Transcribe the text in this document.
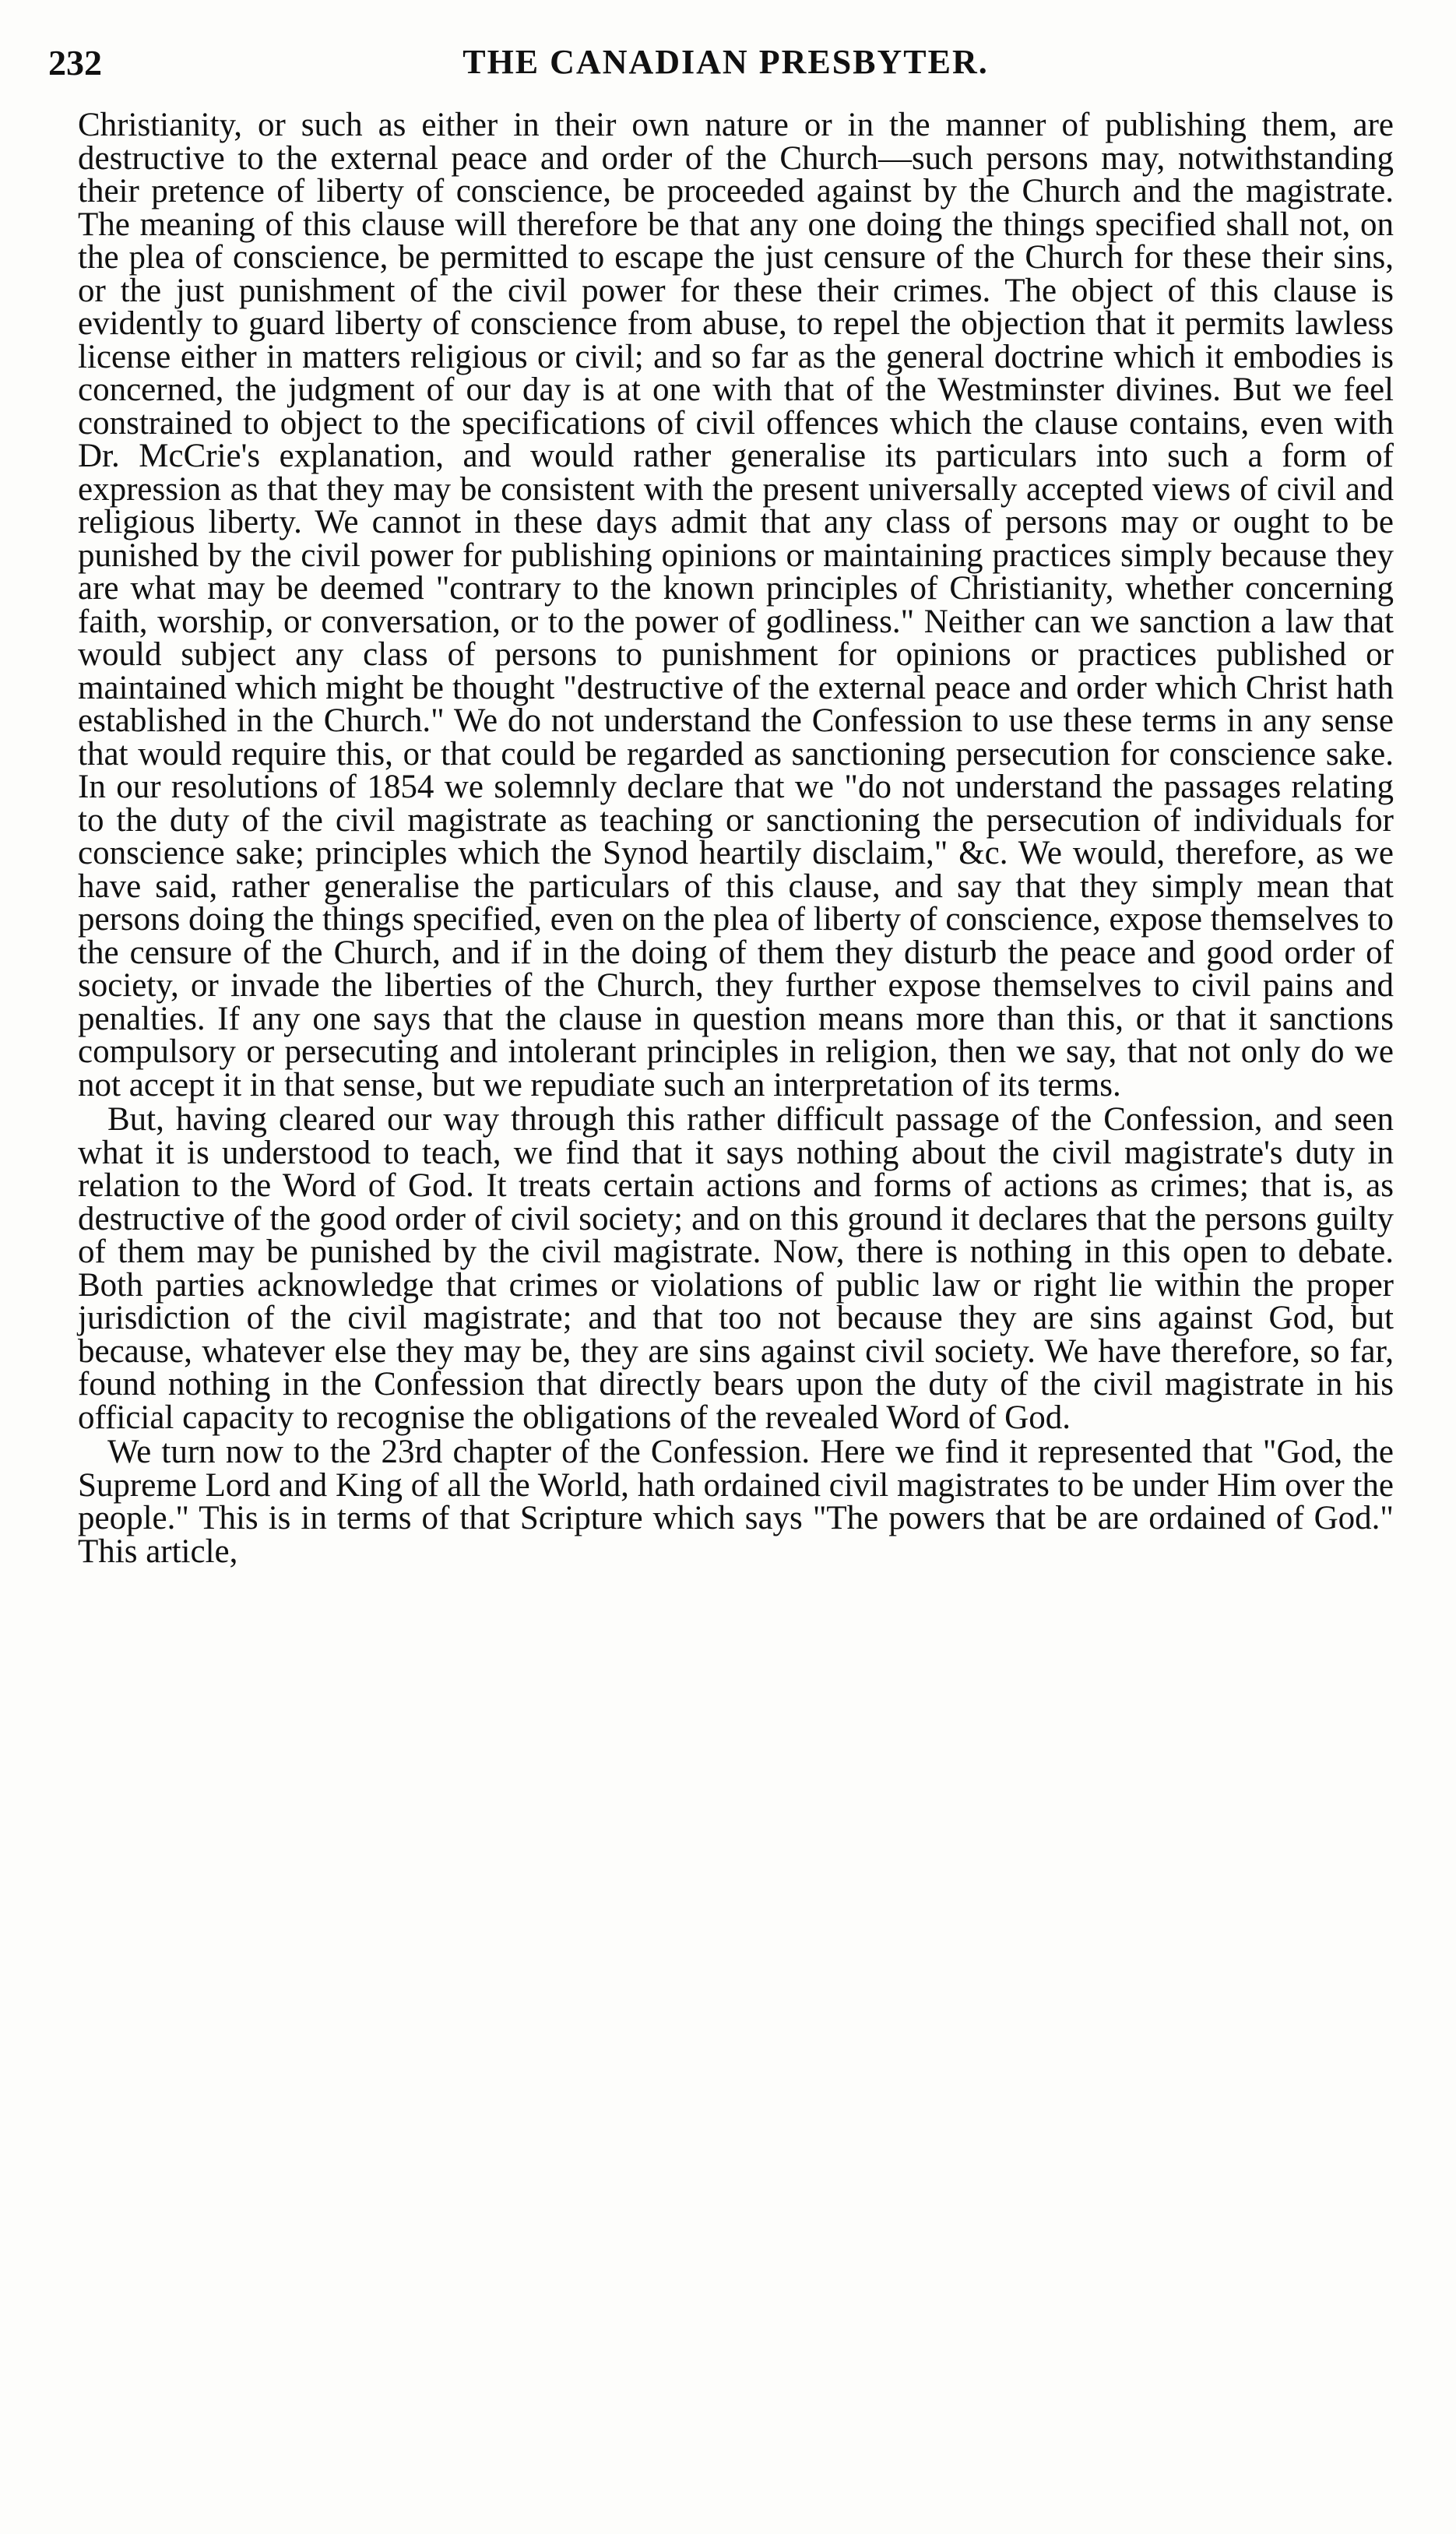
232	THE CANADIAN PRESBYTER.

Christianity, or such as either in their own nature or in the manner of publishing them, are destructive to the external peace and order of the Church—such persons may, notwithstanding their pretence of liberty of conscience, be proceeded against by the Church and the magistrate. The meaning of this clause will therefore be that any one doing the things specified shall not, on the plea of conscience, be permitted to escape the just censure of the Church for these their sins, or the just punishment of the civil power for these their crimes. The object of this clause is evidently to guard liberty of conscience from abuse, to repel the objection that it permits lawless license either in matters religious or civil; and so far as the general doctrine which it embodies is concerned, the judgment of our day is at one with that of the Westminster divines. But we feel constrained to object to the specifications of civil offences which the clause contains, even with Dr. McCrie's explanation, and would rather generalise its particulars into such a form of expression as that they may be consistent with the present universally accepted views of civil and religious liberty. We cannot in these days admit that any class of persons may or ought to be punished by the civil power for publishing opinions or maintaining practices simply because they are what may be deemed "contrary to the known principles of Christianity, whether concerning faith, worship, or conversation, or to the power of godliness." Neither can we sanction a law that would subject any class of persons to punishment for opinions or practices published or maintained which might be thought "destructive of the external peace and order which Christ hath established in the Church." We do not understand the Confession to use these terms in any sense that would require this, or that could be regarded as sanctioning persecution for conscience sake. In our resolutions of 1854 we solemnly declare that we "do not understand the passages relating to the duty of the civil magistrate as teaching or sanctioning the persecution of individuals for conscience sake; principles which the Synod heartily disclaim," &c. We would, therefore, as we have said, rather generalise the particulars of this clause, and say that they simply mean that persons doing the things specified, even on the plea of liberty of conscience, expose themselves to the censure of the Church, and if in the doing of them they disturb the peace and good order of society, or invade the liberties of the Church, they further expose themselves to civil pains and penalties. If any one says that the clause in question means more than this, or that it sanctions compulsory or persecuting and intolerant principles in religion, then we say, that not only do we not accept it in that sense, but we repudiate such an interpretation of its terms.

But, having cleared our way through this rather difficult passage of the Confession, and seen what it is understood to teach, we find that it says nothing about the civil magistrate's duty in relation to the Word of God. It treats certain actions and forms of actions as crimes; that is, as destructive of the good order of civil society; and on this ground it declares that the persons guilty of them may be punished by the civil magistrate. Now, there is nothing in this open to debate. Both parties acknowledge that crimes or violations of public law or right lie within the proper jurisdiction of the civil magistrate; and that too not because they are sins against God, but because, whatever else they may be, they are sins against civil society. We have therefore, so far, found nothing in the Confession that directly bears upon the duty of the civil magistrate in his official capacity to recognise the obligations of the revealed Word of God.

We turn now to the 23rd chapter of the Confession. Here we find it represented that "God, the Supreme Lord and King of all the World, hath ordained civil magistrates to be under Him over the people." This is in terms of that Scripture which says "The powers that be are ordained of God." This article,
